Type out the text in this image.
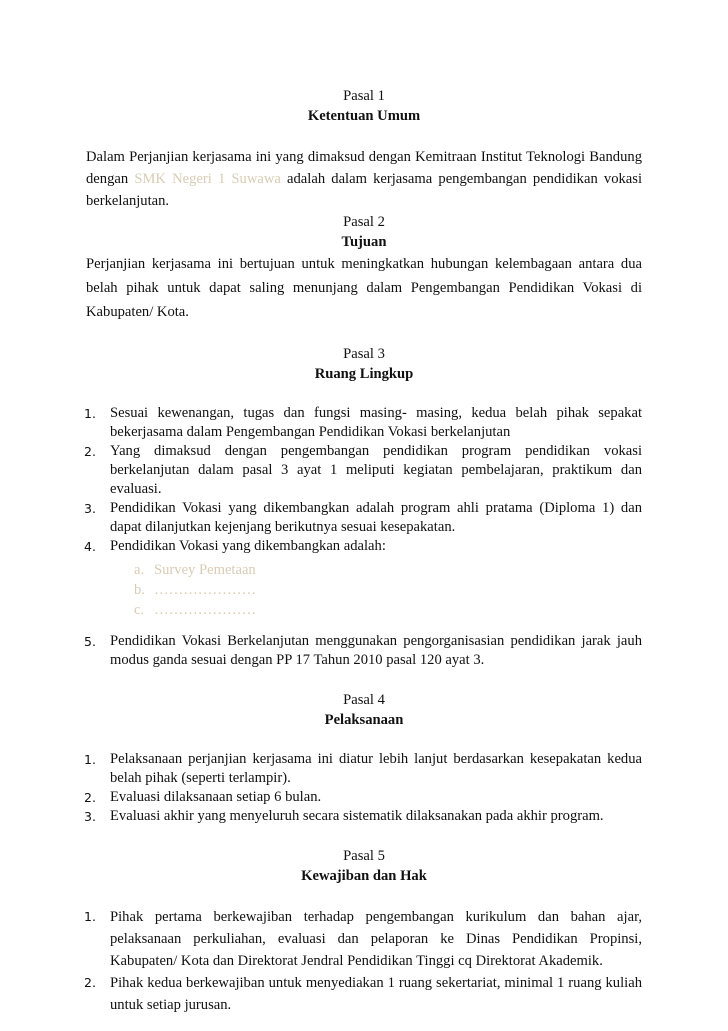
Pasal 1
Ketentuan Umum

Dalam Perjanjian kerjasama ini yang dimaksud dengan Kemitraan Institut Teknologi Bandung dengan SMK Negeri 1 Suwawa adalah dalam kerjasama pengembangan pendidikan vokasi berkelanjutan.

Pasal 2
Tujuan

Perjanjian kerjasama ini bertujuan untuk meningkatkan hubungan kelembagaan antara dua belah pihak untuk dapat saling menunjang dalam Pengembangan Pendidikan Vokasi di Kabupaten/ Kota.

Pasal 3
Ruang Lingkup
1. Sesuai kewenangan, tugas dan fungsi masing- masing, kedua belah pihak sepakat bekerjasama dalam Pengembangan Pendidikan Vokasi berkelanjutan
2. Yang dimaksud dengan pengembangan pendidikan program pendidikan vokasi berkelanjutan dalam pasal 3 ayat 1 meliputi kegiatan pembelajaran, praktikum dan evaluasi.
3. Pendidikan Vokasi yang dikembangkan adalah program ahli pratama (Diploma 1) dan dapat dilanjutkan kejenjang berikutnya sesuai kesepakatan.
4. Pendidikan Vokasi yang dikembangkan adalah:
a. Survey Pemetaan
b. …………………
c. …………………
5. Pendidikan Vokasi Berkelanjutan menggunakan pengorganisasian pendidikan jarak jauh modus ganda sesuai dengan PP 17 Tahun 2010 pasal 120 ayat 3.
Pasal 4
Pelaksanaan
1. Pelaksanaan perjanjian kerjasama ini diatur lebih lanjut berdasarkan kesepakatan kedua belah pihak (seperti terlampir).
2. Evaluasi dilaksanaan setiap 6 bulan.
3. Evaluasi akhir yang menyeluruh secara sistematik dilaksanakan pada akhir program.
Pasal 5
Kewajiban dan Hak
1. Pihak pertama berkewajiban terhadap pengembangan kurikulum dan bahan ajar, pelaksanaan perkuliahan, evaluasi dan pelaporan ke Dinas Pendidikan Propinsi, Kabupaten/ Kota dan Direktorat Jendral Pendidikan Tinggi cq Direktorat Akademik.
2. Pihak kedua berkewajiban untuk menyediakan 1 ruang sekertariat, minimal 1 ruang kuliah untuk setiap jurusan.
